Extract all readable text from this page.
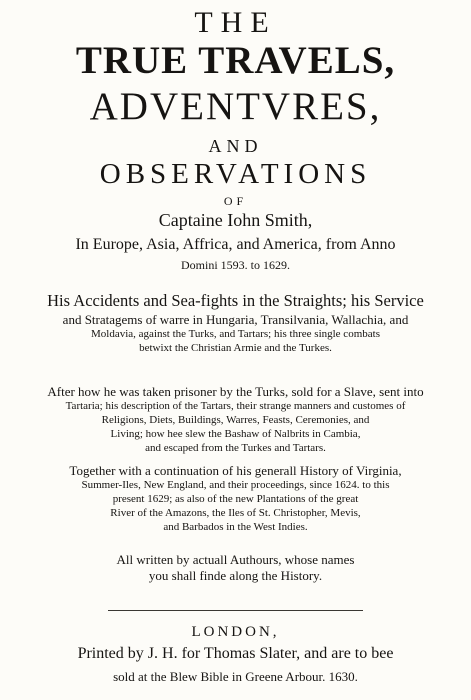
THE
TRUE TRAVELS,
ADVENTVRES,
AND
OBSERVATIONS
OF
Captaine Iohn Smith,
In Europe, Asia, Affrica, and America, from Anno
Domini 1593. to 1629.
His Accidents and Sea-fights in the Straights; his Service
and Stratagems of warre in Hungaria, Transilvania, Wallachia, and
Moldavia, against the Turks, and Tartars; his three single combats
betwixt the Christian Armie and the Turkes.
After how he was taken prisoner by the Turks, sold for a Slave, sent into
Tartaria; his description of the Tartars, their strange manners and customes of
Religions, Diets, Buildings, Warres, Feasts, Ceremonies, and
Living; how hee slew the Bashaw of Nalbrits in Cambia,
and escaped from the Turkes and Tartars.
Together with a continuation of his generall History of Virginia,
Summer-Iles, New England, and their proceedings, since 1624. to this
present 1629; as also of the new Plantations of the great
River of the Amazons, the Iles of St. Christopher, Mevis,
and Barbados in the West Indies.
All written by actuall Authours, whose names
you shall finde along the History.
LONDON,
Printed by J. H. for Thomas Slater, and are to bee
sold at the Blew Bible in Greene Arbour. 1630.
